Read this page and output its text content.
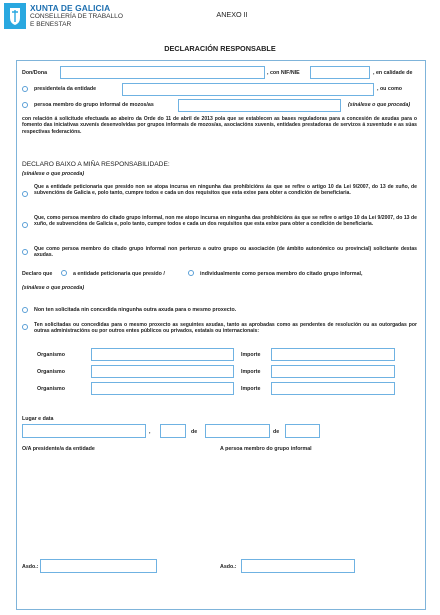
XUNTA DE GALICIA
CONSELLERÍA DE TRABALLO
E BENESTAR
ANEXO II
DECLARACIÓN RESPONSABLE
Don/Dona	, con NIF/NIE	, en calidade de
presidente/a da entidade	, ou como
persoa membro do grupo informal de mozos/as	(sinálese o que proceda)
con relación á solicitude efectuada ao abeiro da Orde do 11 de abril de 2013 pola que se establecen as bases reguladoras para a concesión de axudas para o fomento das iniciativas xuvenís desenvolvidas por grupos informais de mozos/as, asociacións xuvenís, entidades prestadoras de servizos á xuventude e as súas respectivas federacións.
DECLARO BAIXO A MIÑA RESPONSABILIDADE:
(sinálese o que proceda)
Que a entidade peticionaria que presido non se atopa incursa en ningunha das prohibicións ás que se refire o artigo 10 da Lei 9/2007, do 13 de xuño, de subvencións de Galicia e, polo tanto, cumpre todos e cada un dos requisitos que esta exixe para obter a condición de beneficiaria.
Que, como persoa membro do citado grupo informal, non me atopo incursa en ningunha das prohibicións ás que se refire o artigo 10 da Lei 9/2007, do 13 de xuño, de subvencións de Galicia e, polo tanto, cumpre todos e cada un dos requisitos que esta exixe para obter a condición de beneficiaria.
Que como persoa membro do citado grupo informal non pertenzo a outro grupo ou asociación (de ámbito autonómico ou provincial) solicitante destas axudas.
Declaro que	a entidade peticionaria que presido /	individualmente como persoa membro do citado grupo informal,
(sinálese o que proceda)
Non ten solicitada nin concedida ningunha outra axuda para o mesmo proxecto.
Ten solicitadas ou concedidas para o mesmo proxecto as seguintes axudas, tanto as aprobadas como as pendentes de resolución ou as outorgadas por outras administracións ou por outros entes públicos ou privados, estatais ou internacionais:
Organismo	Importe
Organismo	Importe
Organismo	Importe
Lugar e data
,	de	de
O/A presidente/a da entidade	A persoa membro do grupo informal
Asdo.:	Asdo.:
